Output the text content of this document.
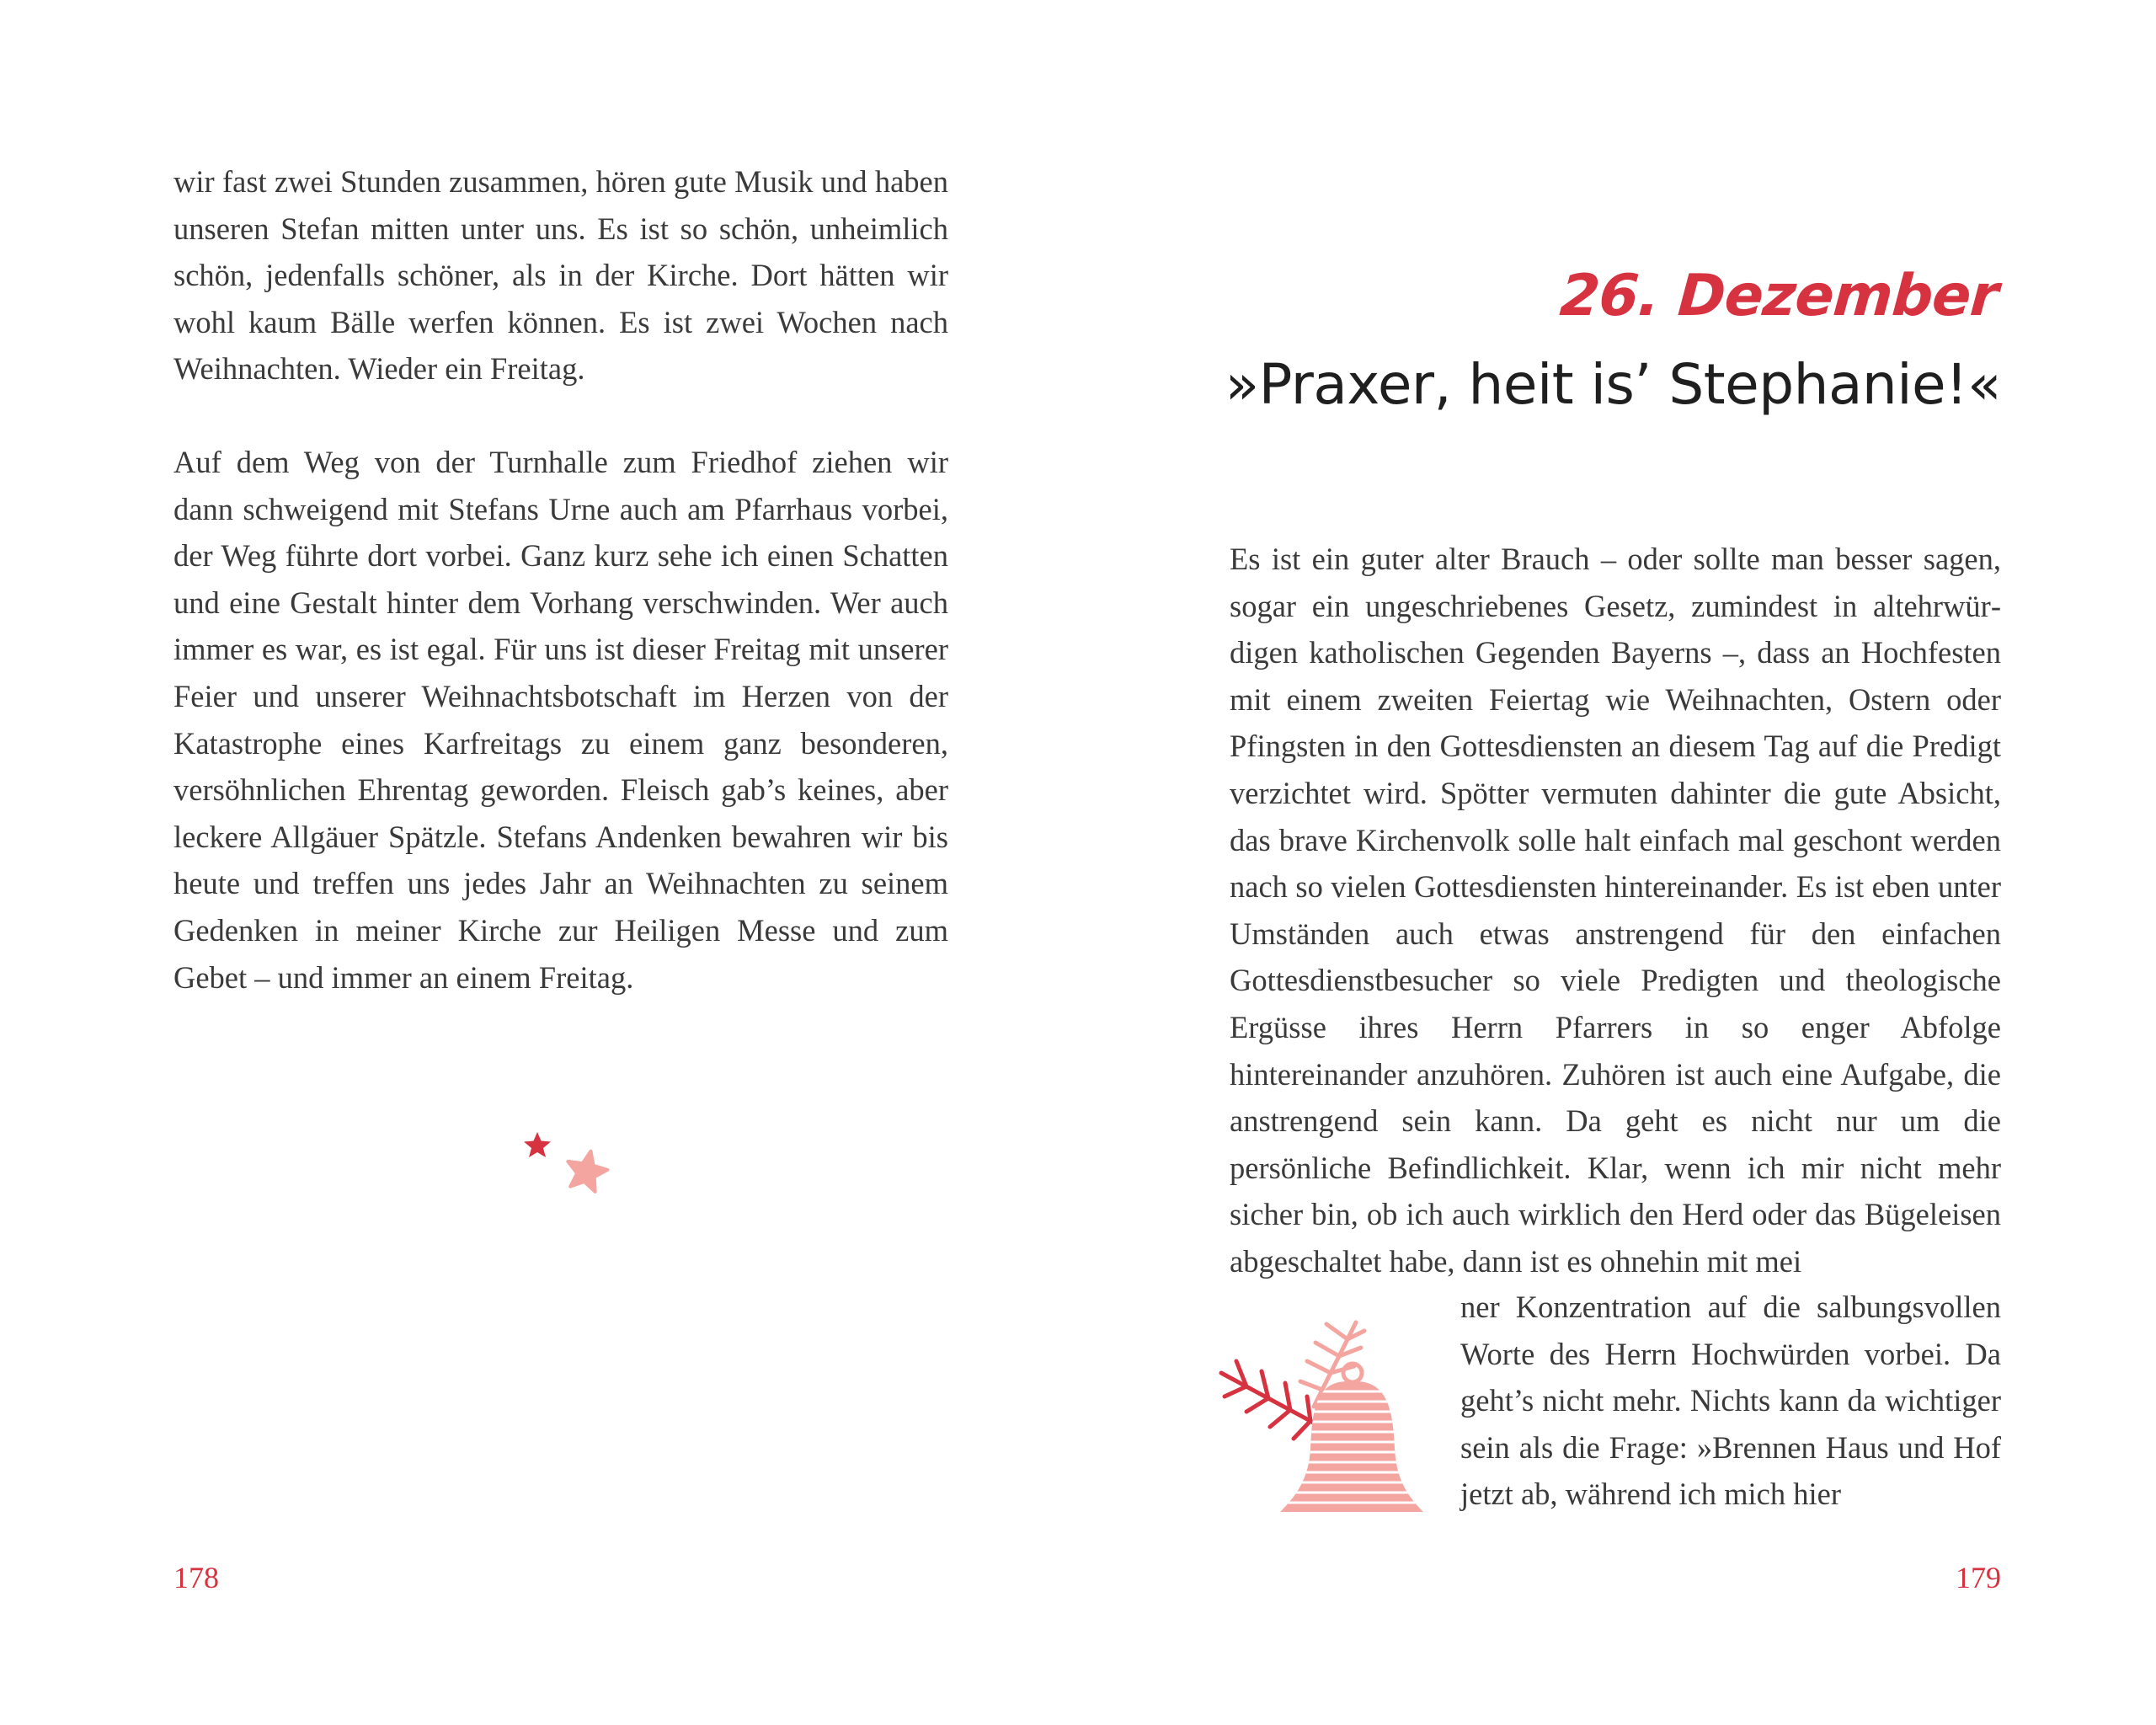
wir fast zwei Stunden zusammen, hören gute Musik und haben unseren Stefan mitten unter uns. Es ist so schön, unheimlich schön, jedenfalls schöner, als in der Kirche. Dort hätten wir wohl kaum Bälle werfen können. Es ist zwei Wochen nach Weihnachten. Wieder ein Freitag.

Auf dem Weg von der Turnhalle zum Friedhof ziehen wir dann schweigend mit Stefans Urne auch am Pfarrhaus vorbei, der Weg führte dort vorbei. Ganz kurz sehe ich einen Schatten und eine Gestalt hinter dem Vorhang verschwinden. Wer auch immer es war, es ist egal. Für uns ist dieser Freitag mit unserer Feier und unserer Weihnachtsbotschaft im Herzen von der Katastrophe eines Karfreitags zu einem ganz besonderen, versöhnlichen Ehrentag geworden. Fleisch gab’s keines, aber leckere Allgäuer Spätzle. Stefans Andenken bewahren wir bis heute und treffen uns jedes Jahr an Weihnachten zu seinem Gedenken in meiner Kirche zur Heiligen Messe und zum Gebet – und immer an einem Freitag.

178
26. Dezember
»Praxer, heit is’ Stephanie!«

Es ist ein guter alter Brauch – oder sollte man besser sagen, sogar ein ungeschriebenes Gesetz, zumindest in altehrwürdigen katholischen Gegenden Bayerns –, dass an Hochfesten mit einem zweiten Feiertag wie Weihnachten, Ostern oder Pfingsten in den Gottesdiensten an diesem Tag auf die Predigt verzichtet wird. Spötter vermuten dahinter die gute Absicht, das brave Kirchenvolk solle halt einfach mal geschont werden nach so vielen Gottesdiensten hintereinander. Es ist eben unter Umständen auch etwas anstrengend für den einfachen Gottesdienstbesucher so viele Predigten und theologische Ergüsse ihres Herrn Pfarrers in so enger Abfolge hintereinander anzuhören. Zuhören ist auch eine Aufgabe, die anstrengend sein kann. Da geht es nicht nur um die persönliche Befindlichkeit. Klar, wenn ich mir nicht mehr sicher bin, ob ich auch wirklich den Herd oder das Bügeleisen abgeschaltet habe, dann ist es ohnehin mit mei

ner Konzentration auf die salbungsvollen Worte des Herrn Hochwürden vorbei. Da geht’s nicht mehr. Nichts kann da wichtiger sein als die Frage: »Brennen Haus und Hof jetzt ab, während ich mich hier

179
